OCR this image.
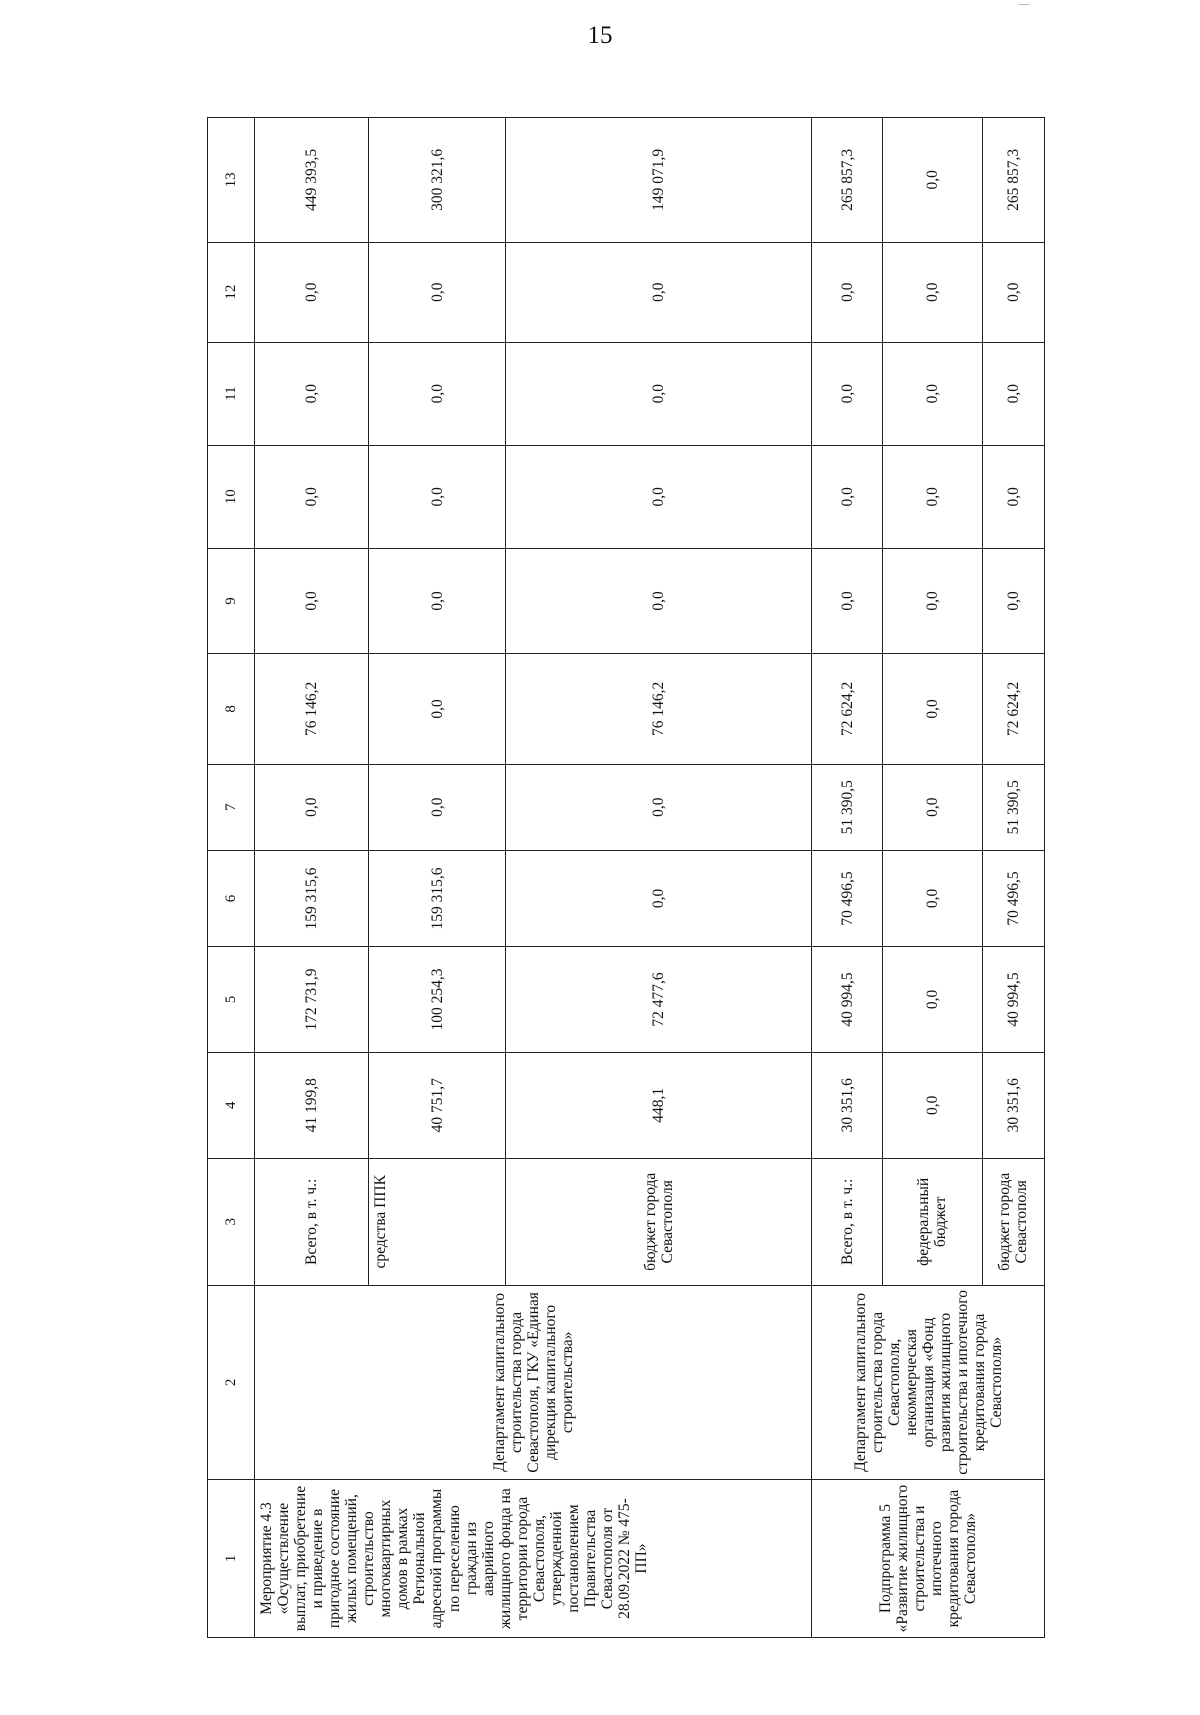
15
1	2	3	4	5	6	7	8	9	10	11	12	13
Мероприятие 4.3 «Осуществление выплат, приобретение и приведение в пригодное состояние жилых помещений, строительство многоквартирных домов в рамках Региональной адресной программы по переселению граждан из аварийного жилищного фонда на территории города Севастополя, утвержденной постановлением Правительства Севастополя от 28.09.2022 № 475-ПП»	Департамент капитального строительства города Севастополя, ГКУ «Единая дирекция капитального строительства»	Всего, в т. ч.:	41 199,8	172 731,9	159 315,6	0,0	76 146,2	0,0	0,0	0,0	0,0	449 393,5
		средства ППК	40 751,7	100 254,3	159 315,6	0,0	0,0	0,0	0,0	0,0	0,0	300 321,6
		бюджет города Севастополя	448,1	72 477,6	0,0	0,0	76 146,2	0,0	0,0	0,0	0,0	149 071,9
Подпрограмма 5 «Развитие жилищного строительства и ипотечного кредитования города Севастополя»	Департамент капитального строительства города Севастополя, некоммерческая организация «Фонд развития жилищного строительства и ипотечного кредитования города Севастополя»	Всего, в т. ч.:	30 351,6	40 994,5	70 496,5	51 390,5	72 624,2	0,0	0,0	0,0	0,0	265 857,3
		федеральный бюджет	0,0	0,0	0,0	0,0	0,0	0,0	0,0	0,0	0,0	0,0
		бюджет города Севастополя	30 351,6	40 994,5	70 496,5	51 390,5	72 624,2	0,0	0,0	0,0	0,0	265 857,3
